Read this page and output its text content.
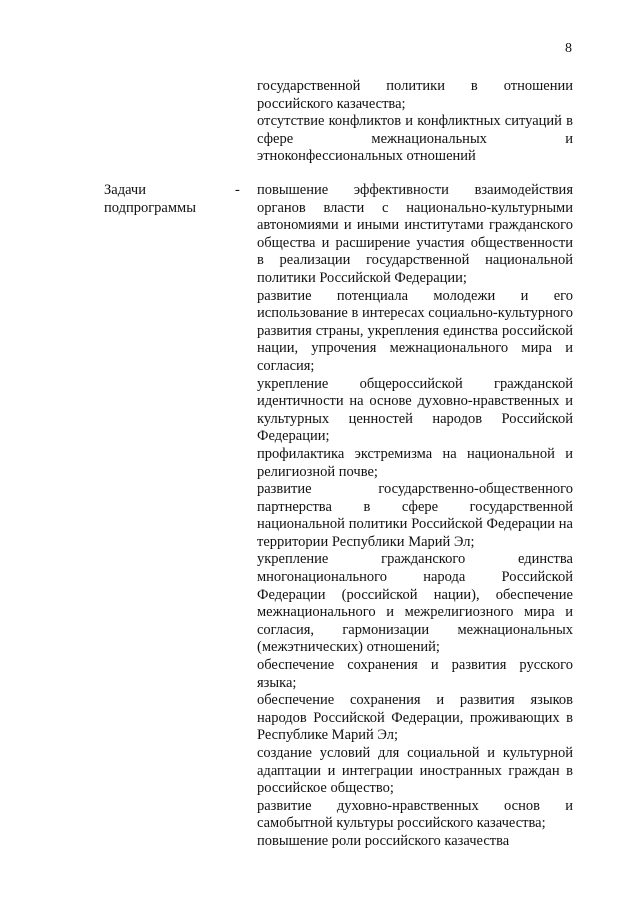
8

государственной политики в отношении российского казачества;

отсутствие конфликтов и конфликтных ситуаций в сфере межнациональных и этноконфессиональных отношений

Задачи подпрограммы
- повышение эффективности взаимодействия органов власти с национально-культурными автономиями и иными институтами гражданского общества и расширение участия общественности в реализации государственной национальной политики Российской Федерации;

развитие потенциала молодежи и его использование в интересах социально-культурного развития страны, укрепления единства российской нации, упрочения межнационального мира и согласия;

укрепление общероссийской гражданской идентичности на основе духовно-нравственных и культурных ценностей народов Российской Федерации;

профилактика экстремизма на национальной и религиозной почве;

развитие государственно-общественного партнерства в сфере государственной национальной политики Российской Федерации на территории Республики Марий Эл;

укрепление гражданского единства многонационального народа Российской Федерации (российской нации), обеспечение межнационального и межрелигиозного мира и согласия, гармонизации межнациональных (межэтнических) отношений;

обеспечение сохранения и развития русского языка;

обеспечение сохранения и развития языков народов Российской Федерации, проживающих в Республике Марий Эл;

создание условий для социальной и культурной адаптации и интеграции иностранных граждан в российское общество;

развитие духовно-нравственных основ и самобытной культуры российского казачества;

повышение роли российского казачества
